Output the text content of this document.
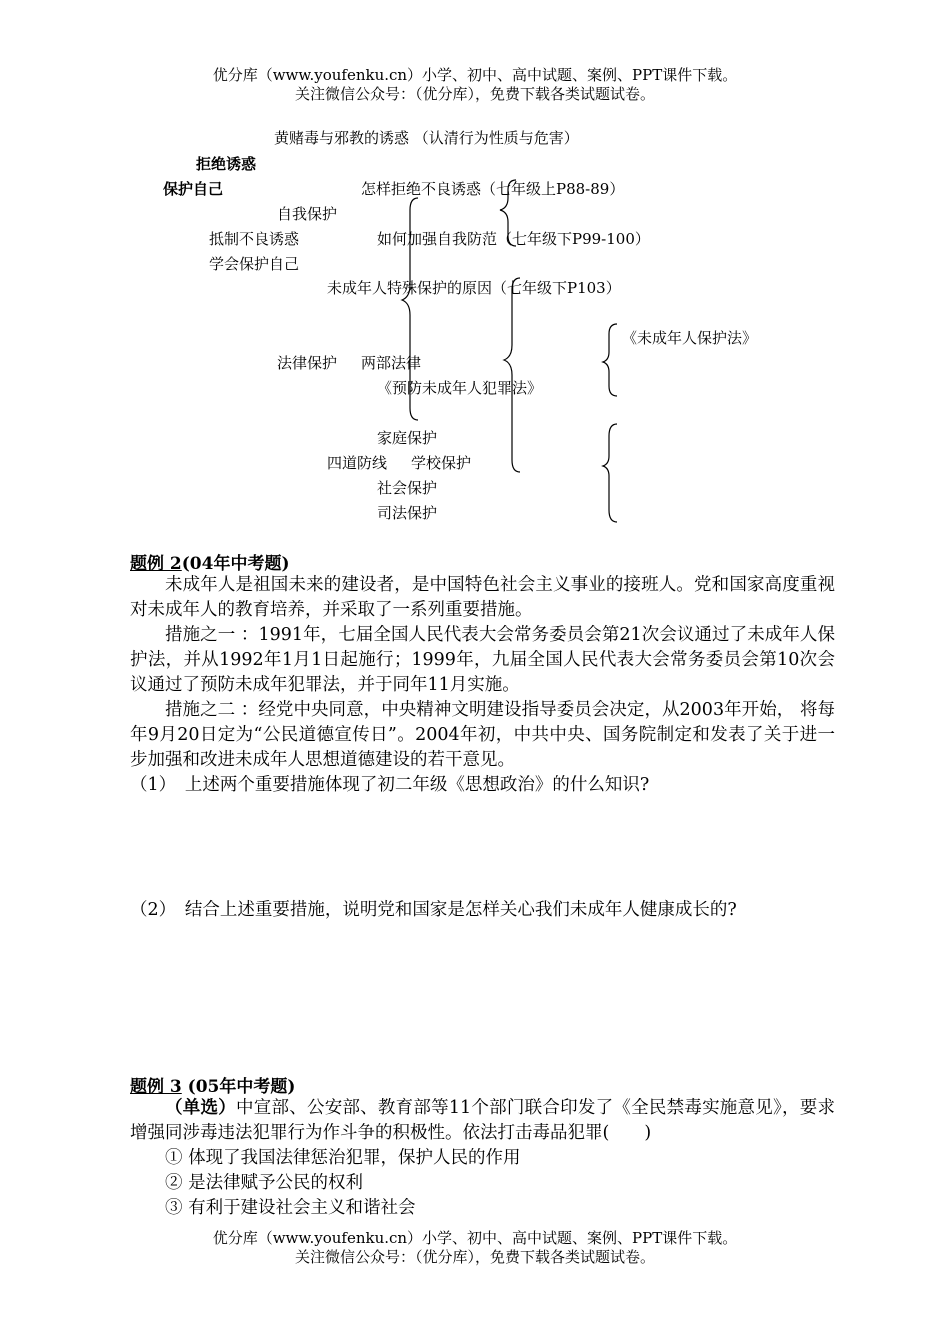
优分库（www.youfenku.cn）小学、初中、高中试题、案例、PPT课件下载。
关注微信公众号：（优分库），免费下载各类试题试卷。
黄赌毒与邪教的诱惑 （认清行为性质与危害）
拒绝诱惑
保护自己	怎样拒绝不良诱惑（七年级上P88-89）
自我保护
抵制不良诱惑	如何加强自我防范（七年级下P99-100）
学会保护自己
未成年人特殊保护的原因（七年级下P103）
《未成年人保护法》
法律保护 两部法律
《预防未成年人犯罪法》
家庭保护
四道防线 学校保护
社会保护
司法保护
题例 2(04年中考题)
未成年人是祖国未来的建设者，是中国特色社会主义事业的接班人。党和国家高度重视对未成年人的教育培养，并采取了一系列重要措施。
措施之一 ：1991年，七届全国人民代表大会常务委员会第21次会议通过了未成年人保护法，并从1992年1月1日起施行；1999年，九届全国人民代表大会常务委员会第10次会议通过了预防未成年犯罪法，并于同年11月实施。
措施之二 ：经党中央同意，中央精神文明建设指导委员会决定，从2003年开始， 将每年9月20日定为“公民道德宣传日”。2004年初，中共中央、国务院制定和发表了关于进一步加强和改进未成年人思想道德建设的若干意见。
（1）　上述两个重要措施体现了初二年级《思想政治》的什么知识?
（2）　结合上述重要措施，说明党和国家是怎样关心我们未成年人健康成长的?
题例 3 (05年中考题)
（单选）中宣部、公安部、教育部等11个部门联合印发了《全民禁毒实施意见》，要求增强同涉毒违法犯罪行为作斗争的积极性。依法打击毒品犯罪(　　)
① 体现了我国法律惩治犯罪，保护人民的作用
② 是法律赋予公民的权利
③ 有利于建设社会主义和谐社会
优分库（www.youfenku.cn）小学、初中、高中试题、案例、PPT课件下载。
关注微信公众号：（优分库），免费下载各类试题试卷。
